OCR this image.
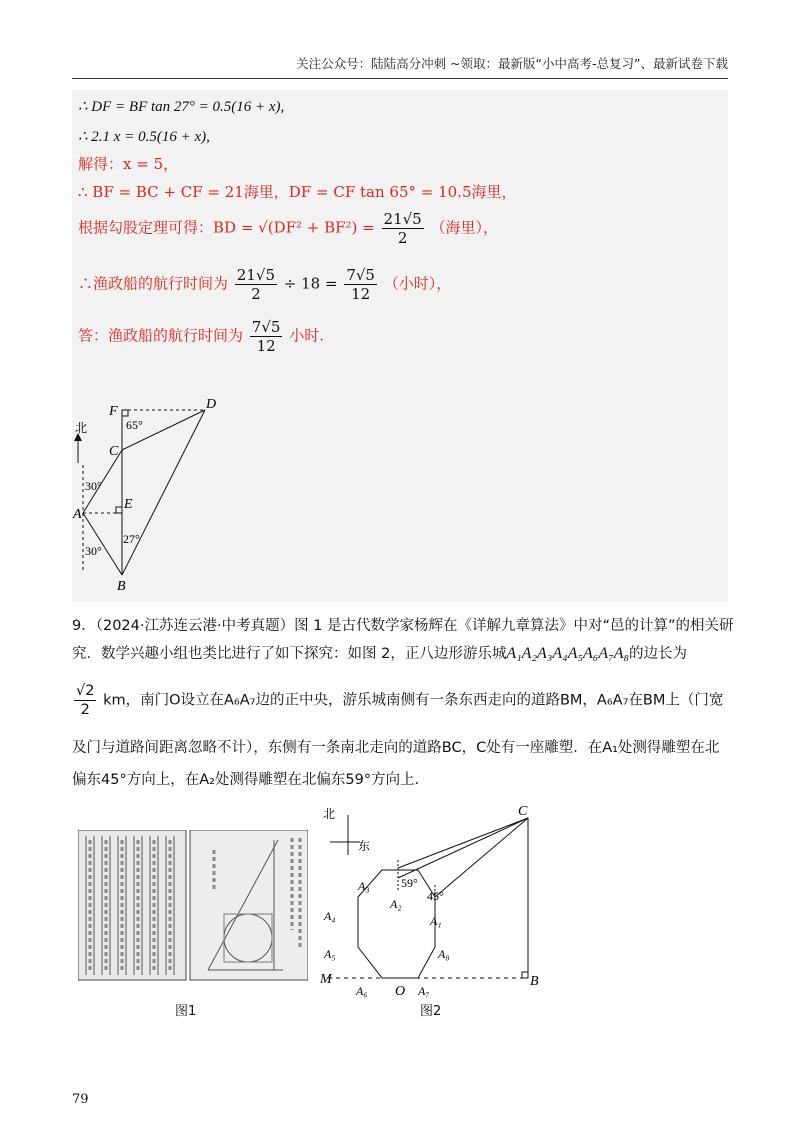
关注公众号：陆陆高分冲刺 ~领取：最新版“小中高考-总复习”、最新试卷下载
∴ DF = BF tan 27° = 0.5(16 + x),
∴ 2.1 x = 0.5(16 + x),
解得：x = 5，
∴ BF = BC + CF = 21海里，DF = CF tan 65° = 10.5海里，
根据勾股定理可得：BD = $√(DF^2 + BF^2) = \frac{21√5}{2}$ （海里），
∴渔政船的航行时间为 $\frac{21√5}{2} \div 18 = \frac{7√5}{12}$ （小时），
答：渔政船的航行时间为 $\frac{7√5}{12}$ 小时.
北
F	D
C
A
E
B
65°
30°
30°
27°
9．（2024·江苏连云港·中考真题）图 1 是古代数学家杨辉在《详解九章算法》中对“邑的计算”的相关研
究．数学兴趣小组也类比进行了如下探究：如图 2，正八边形游乐城A₁A₂A₃A₄A₅A₆A₇A₈的边长为
$\frac{√2}{2}$ km，南门O设立在A₆A₇边的正中央，游乐城南侧有一条东西走向的道路BM，A₆A₇在BM上（门宽
及门与道路间距离忽略不计），东侧有一条南北走向的道路BC，C处有一座雕塑．在A₁处测得雕塑在北
偏东45°方向上，在A₂处测得雕塑在北偏东59°方向上．
图1
北
东
C
B
M
O
A₁
A₂
A₃
A₄
A₅
A₆	A₇
A₈
59°
45°
图2
79
